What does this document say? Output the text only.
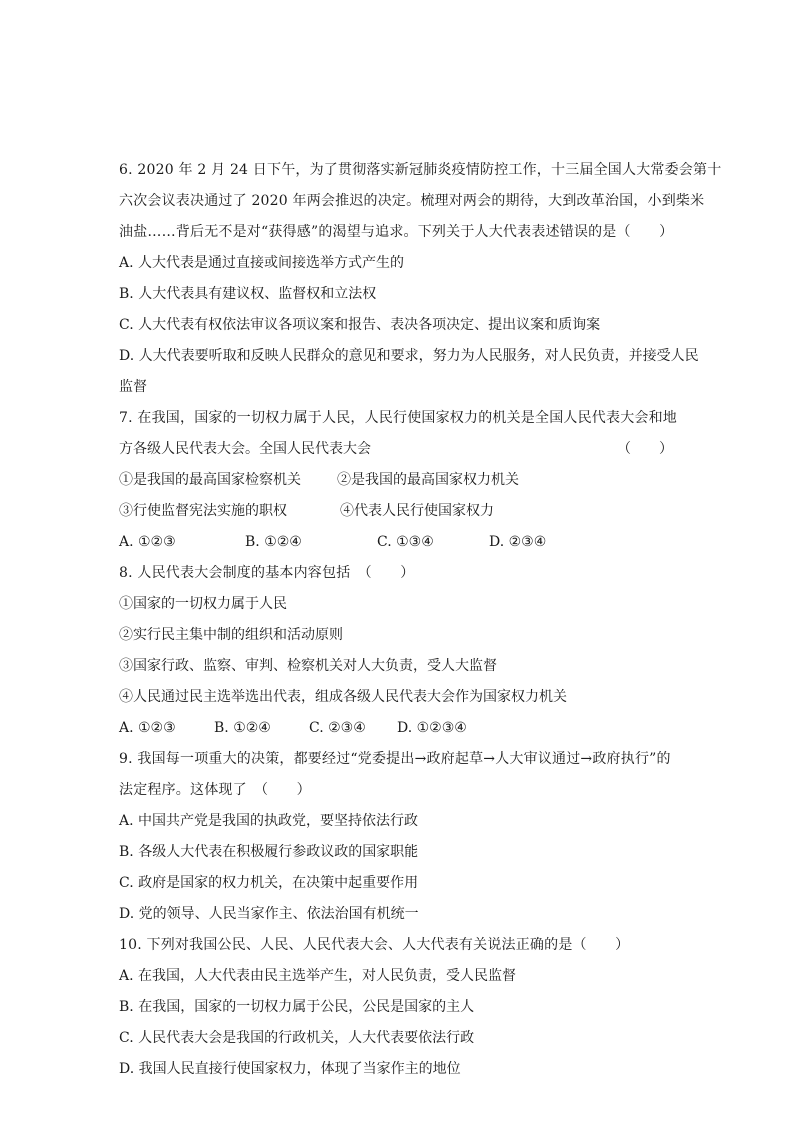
6. 2020 年 2 月 24 日下午，为了贯彻落实新冠肺炎疫情防控工作，十三届全国人大常委会第十
六次会议表决通过了 2020 年两会推迟的决定。梳理对两会的期待，大到改革治国，小到柴米
油盐……背后无不是对“获得感”的渴望与追求。下列关于人大代表表述错误的是（　　）
A. 人大代表是通过直接或间接选举方式产生的
B. 人大代表具有建议权、监督权和立法权
C. 人大代表有权依法审议各项议案和报告、表决各项决定、提出议案和质询案
D. 人大代表要听取和反映人民群众的意见和要求，努力为人民服务，对人民负责，并接受人民
监督
7. 在我国，国家的一切权力属于人民，人民行使国家权力的机关是全国人民代表大会和地
方各级人民代表大会。全国人民代表大会	（　　）
①是我国的最高国家检察机关	②是我国的最高国家权力机关
③行使监督宪法实施的职权	④代表人民行使国家权力
A. ①②③	B. ①②④	C. ①③④	D. ②③④
8. 人民代表大会制度的基本内容包括　（　　）
①国家的一切权力属于人民
②实行民主集中制的组织和活动原则
③国家行政、监察、审判、检察机关对人大负责，受人大监督
④人民通过民主选举选出代表，组成各级人民代表大会作为国家权力机关
A. ①②③	B. ①②④	C. ②③④	D. ①②③④
9. 我国每一项重大的决策，都要经过“党委提出→政府起草→人大审议通过→政府执行”的
法定程序。这体现了　（　　）
A. 中国共产党是我国的执政党，要坚持依法行政
B. 各级人大代表在积极履行参政议政的国家职能
C. 政府是国家的权力机关，在决策中起重要作用
D. 党的领导、人民当家作主、依法治国有机统一
10. 下列对我国公民、人民、人民代表大会、人大代表有关说法正确的是（　　）
A. 在我国，人大代表由民主选举产生，对人民负责，受人民监督
B. 在我国，国家的一切权力属于公民，公民是国家的主人
C. 人民代表大会是我国的行政机关，人大代表要依法行政
D. 我国人民直接行使国家权力，体现了当家作主的地位
